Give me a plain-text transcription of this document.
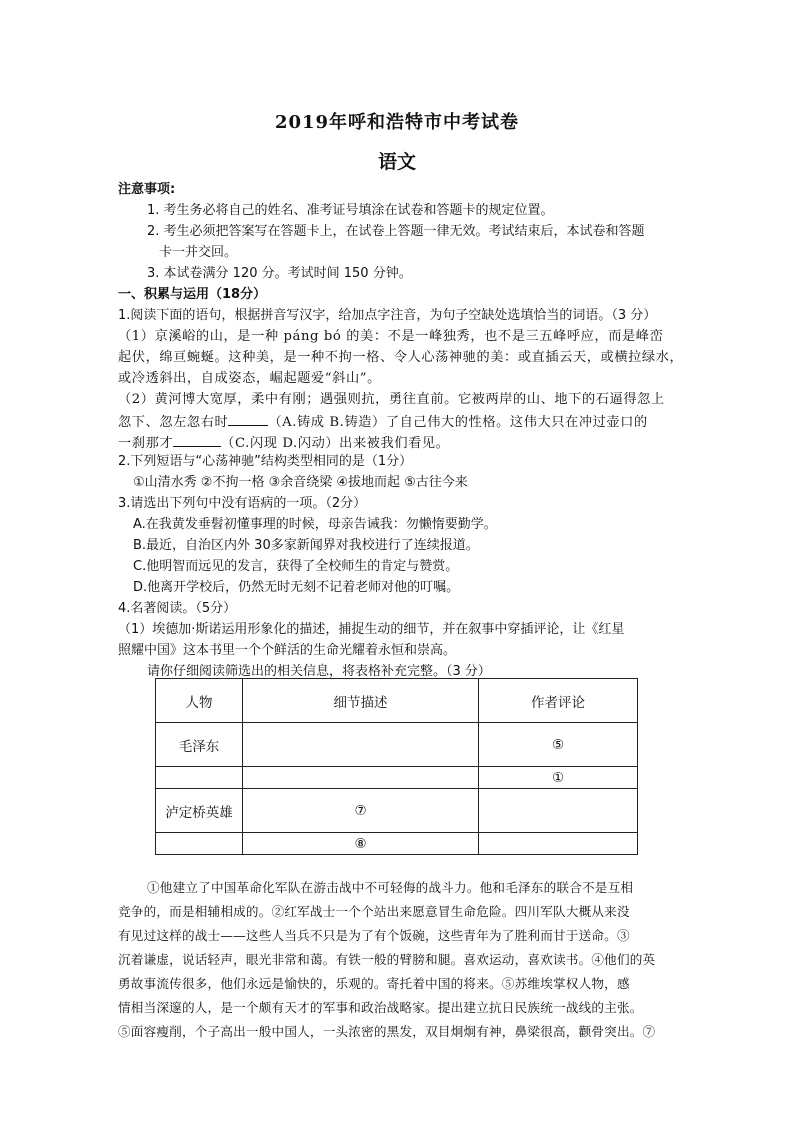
2019年呼和浩特市中考试卷
语文
注意事项:
1. 考生务必将自己的姓名、准考证号填涂在试卷和答题卡的规定位置。
2. 考生必须把答案写在答题卡上，在试卷上答题一律无效。考试结束后，本试卷和答题
卡一并交回。
3. 本试卷满分 120 分。考试时间 150 分钟。
一、积累与运用（18分）
1.阅读下面的语句，根据拼音写汉字，给加点字注音，为句子空缺处选填恰当的词语。（3 分）
（1）京溪峪的山，是一种 páng bó 的美：不是一峰独秀，也不是三五峰呼应，而是峰峦
起伏，绵亘蜿蜒。这种美，是一种不拘一格、令人心荡神驰的美：或直插云天，或横拉绿水，
或冷透斜出，自成姿态，崛起题爱“斜山”。
（2）黄河博大宽厚，柔中有刚；遇强则抗，勇往直前。它被两岸的山、地下的石逼得忽上
忽下、忽左忽右时	（A.铸成 B.铸造）了自己伟大的性格。这伟大只在冲过壶口的
一刹那才	（C.闪现 D.闪动）出来被我们看见。
2.下列短语与“心荡神驰”结构类型相同的是（1分）
①山清水秀 ②不拘一格 ③余音绕梁 ④拔地而起 ⑤古往今来
3.请选出下列句中没有语病的一项。（2分）
A.在我黄发垂髫初懂事理的时候，母亲告诫我：勿懒惰要勤学。
B.最近，自治区内外 30多家新闻界对我校进行了连续报道。
C.他明智而远见的发言，获得了全校师生的肯定与赞赏。
D.他离开学校后，仍然无时无刻不记着老师对他的叮嘱。
4.名著阅读。（5分）
（1）埃德加·斯诺运用形象化的描述，捕捉生动的细节，并在叙事中穿插评论，让《红星
照耀中国》这本书里一个个鲜活的生命光耀着永恒和崇高。
请你仔细阅读筛选出的相关信息，将表格补充完整。（3 分）
人物	细节描述	作者评论
毛泽东		⑤
		①
泸定桥英雄	⑦	
	⑧	
①他建立了中国革命化军队在游击战中不可轻侮的战斗力。他和毛泽东的联合不是互相
竞争的，而是相辅相成的。②红军战士一个个站出来愿意冒生命危险。四川军队大概从来没
有见过这样的战士——这些人当兵不只是为了有个饭碗，这些青年为了胜利而甘于送命。③
沉着谦虚，说话轻声，眼光非常和蔼。有铁一般的臂膀和腿。喜欢运动，喜欢读书。④他们的英
勇故事流传很多，他们永远是愉快的，乐观的。寄托着中国的将来。⑤苏维埃掌权人物，感
情相当深邃的人，是一个颇有天才的军事和政治战略家。提出建立抗日民族统一战线的主张。
⑤面容瘦削，个子高出一般中国人，一头浓密的黑发，双目炯炯有神，鼻梁很高，颧骨突出。⑦
